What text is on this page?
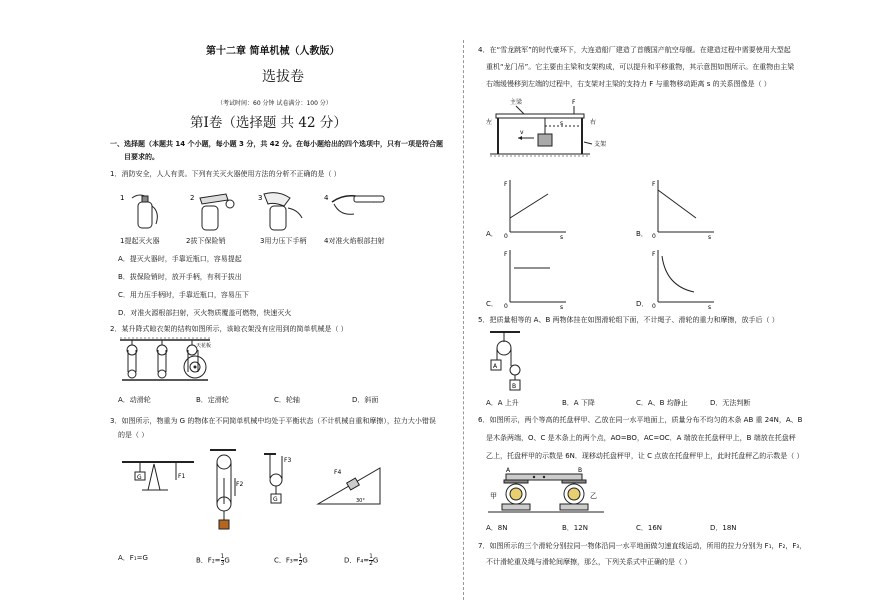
第十二章 简单机械（人教版）
选拔卷
（考试时间：60 分钟 试卷满分：100 分）
第Ⅰ卷（选择题 共 42 分）
一、选择题（本题共 14 个小题，每小题 3 分，共 42 分。在每小题给出的四个选项中，只有一项是符合题
目要求的。
1．消防安全，人人有责。下列有关灭火器使用方法的分析不正确的是（ ）
1	2	3	4
1提起灭火器	2拔下保险销	3用力压下手柄	4对准火焰根部扫射
A．提灭火器时，手靠近瓶口，容易提起
B．拔保险销时，放开手柄，有利于拔出
C．用力压手柄时，手靠近瓶口，容易压下
D．对准火源根部扫射，灭火物质覆盖可燃物，快速灭火
2．某升降式晾衣架的结构如图所示，该晾衣架没有应用到的简单机械是（ ）
天花板
A．动滑轮	B．定滑轮	C．轮轴	D．斜面
3．如图所示，物重为 G 的物体在不同简单机械中均处于平衡状态（不计机械自重和摩擦），拉力大小错误
的是（ ）
G	F1
F2
F3
G
F4
30°
A．F₁=G	B．$F_2= \frac{1}{3}$ G	C．$F_3= \frac{1}{2}$ G	D．$F_4= \frac{1}{2}$ G
4．在“雪龙跳军”的时代豪环下，大连造船厂建造了首艘国产航空母舰。在建造过程中需要使用大型起
重机“龙门吊”。它主要由主梁和支架构成，可以提升和平移重物，其示意图如图所示。在重物由主梁
右端缓慢移到左端的过程中，右支架对主梁的支持力 F 与重物移动距离 s 的关系图像是（ ）
主梁	F
左	右
v
s
支架
F
0	s
F
0	s
A．	B．
F
0	s
F
0	s
C．	D．
5．把质量相等的 A、B 两物体挂在如图滑轮组下面，不计绳子、滑轮的重力和摩擦，放手后（ ）
A
B
A．A 上升	B．A 下降	C．A、B 均静止	D．无法判断
6．如图所示，两个等高的托盘秤甲、乙放在同一水平地面上，质量分布不均匀的木条 AB 重 24N，A、B
是木条两端，O、C 是木条上的两个点，AO=BO，AC=OC．A 端放在托盘秤甲上，B 端放在托盘秤
乙上，托盘秤甲的示数是 6N．现移动托盘秤甲，让 C 点放在托盘秤甲上，此时托盘秤乙的示数是（ ）
A	B
甲	乙
A．8N	B．12N	C．16N	D．18N
7．如图所示的三个滑轮分别拉同一物体沿同一水平地面做匀速直线运动，所用的拉力分别为 F₁，F₂，F₃，
不计滑轮重及绳与滑轮间摩擦，那么，下列关系式中正确的是（ ）
